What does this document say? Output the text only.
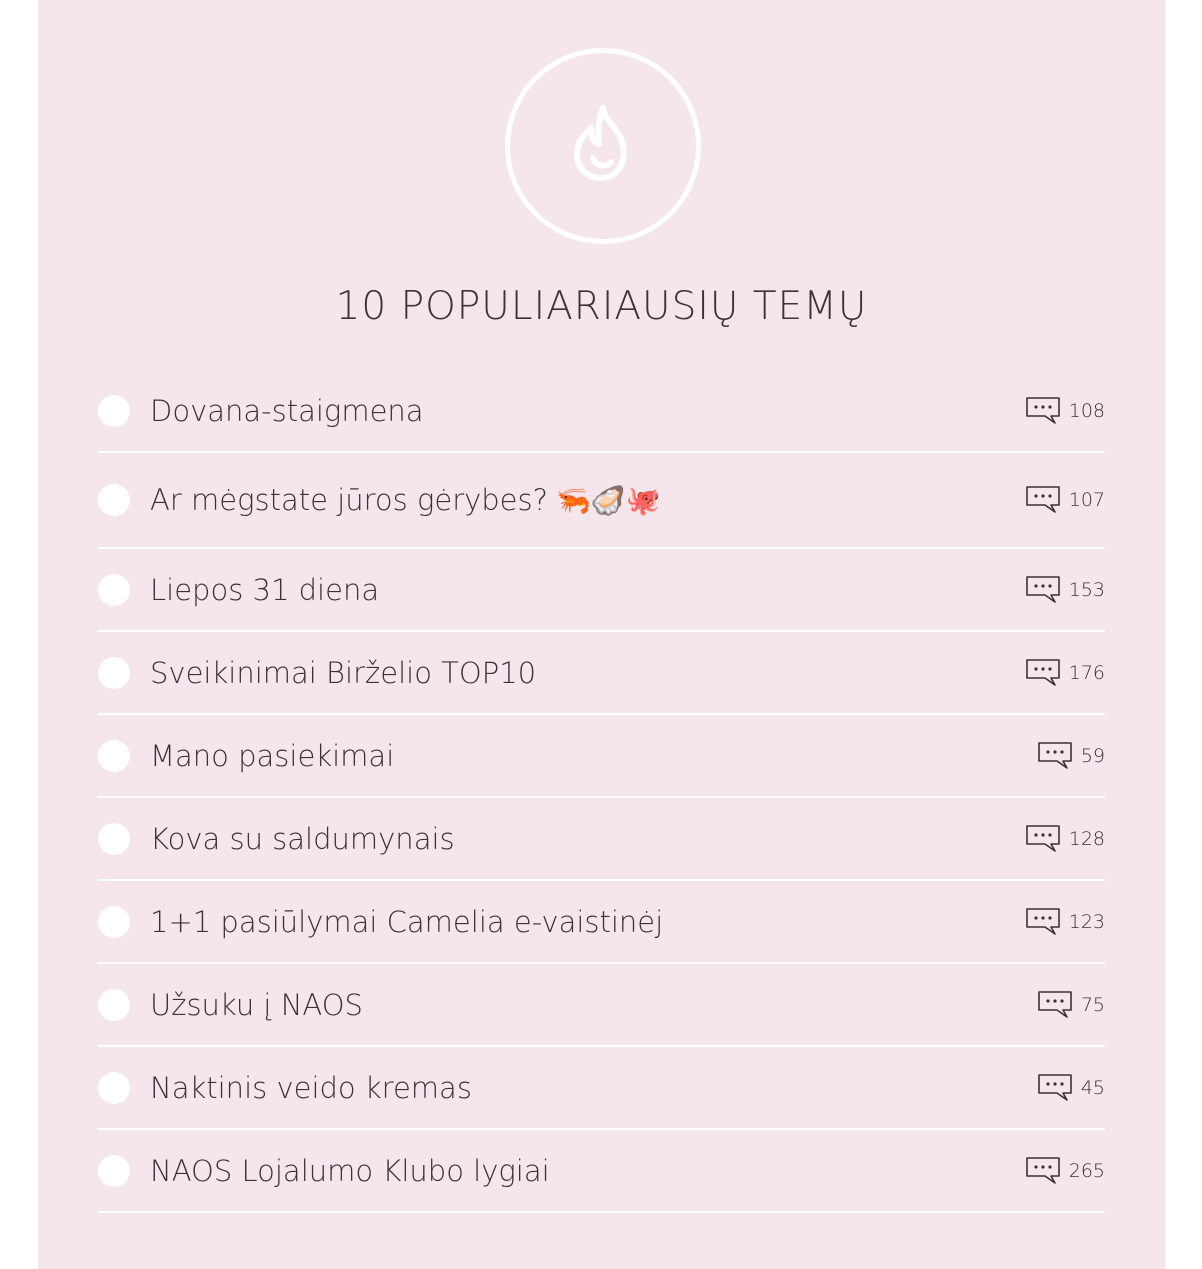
10 POPULIARIAUSIŲ TEMŲ
Dovana-staigmena	108
Ar mėgstate jūros gėrybes? 🦐🦪🐙	107
Liepos 31 diena	153
Sveikinimai Birželio TOP10	176
Mano pasiekimai	59
Kova su saldumynais	128
1+1 pasiūlymai Camelia e-vaistinėj	123
Užsuku į NAOS	75
Naktinis veido kremas	45
NAOS Lojalumo Klubo lygiai	265
